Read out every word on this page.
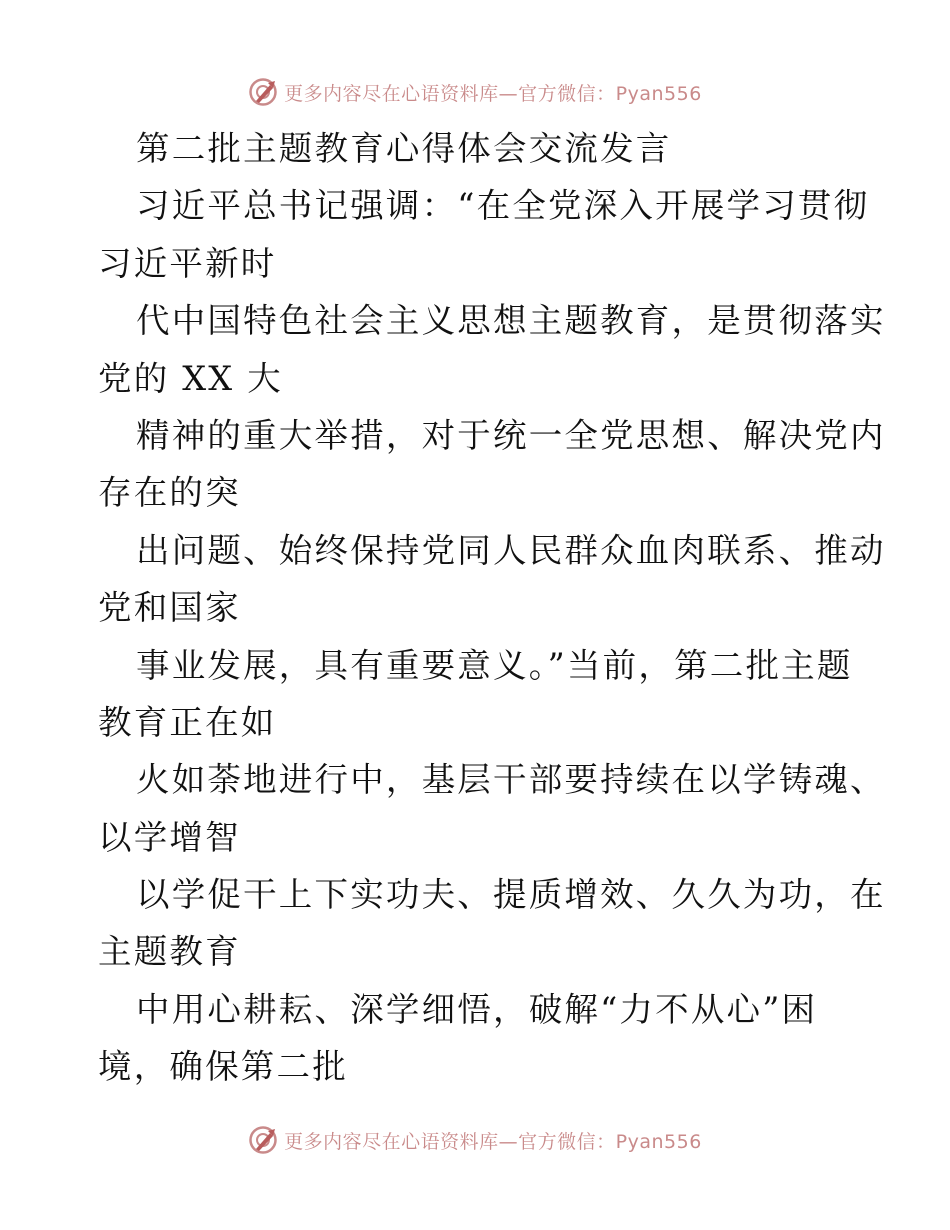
更多内容尽在心语资料库—官方微信：Pyan556
第二批主题教育心得体会交流发言
习近平总书记强调：“在全党深入开展学习贯彻
习近平新时
代中国特色社会主义思想主题教育，是贯彻落实
党的 XX 大
精神的重大举措，对于统一全党思想、解决党内
存在的突
出问题、始终保持党同人民群众血肉联系、推动
党和国家
事业发展，具有重要意义。”当前，第二批主题
教育正在如
火如荼地进行中，基层干部要持续在以学铸魂、
以学增智
以学促干上下实功夫、提质增效、久久为功，在
主题教育
中用心耕耘、深学细悟，破解“力不从心”困
境，确保第二批
更多内容尽在心语资料库—官方微信：Pyan556
